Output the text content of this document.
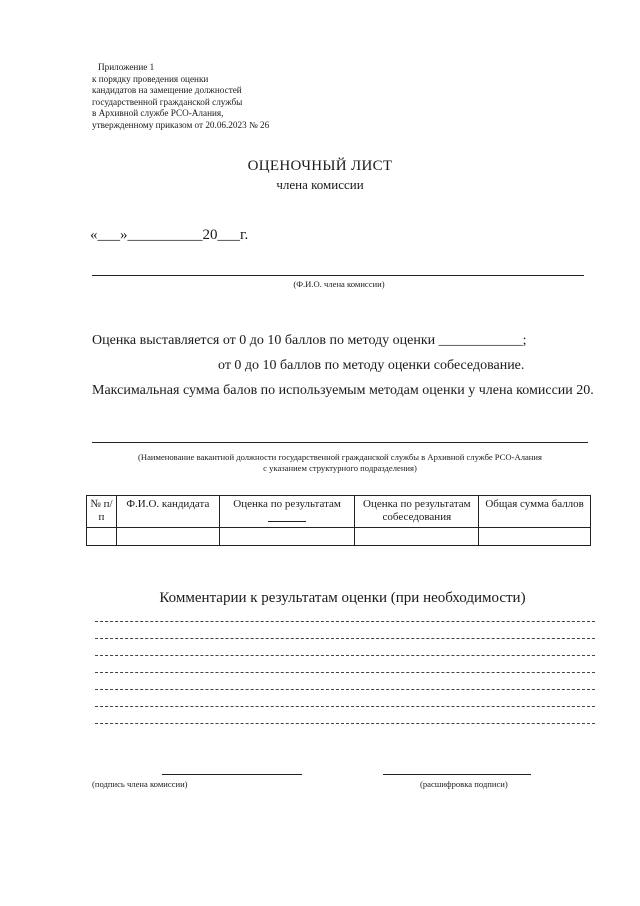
Приложение 1
к порядку проведения оценки
кандидатов на замещение должностей
государственной гражданской службы
в Архивной службе РСО-Алания,
утвержденному приказом от 20.06.2023 № 26
ОЦЕНОЧНЫЙ ЛИСТ
члена комиссии
«___»__________20___г.
(Ф.И.О. члена комиссии)
Оценка выставляется от 0 до 10 баллов по методу оценки ____________;
от 0 до 10 баллов по методу оценки собеседование.
Максимальная сумма балов по используемым методам оценки у члена комиссии 20.
(Наименование вакантной должности государственной гражданской службы в Архивной службе РСО-Алания
с указанием структурного подразделения)
№ п/п	Ф.И.О. кандидата	Оценка по результатам	Оценка по результатам собеседования	Общая сумма баллов

Комментарии к результатам оценки (при необходимости)
(подпись члена комиссии)	(расшифровка подписи)
